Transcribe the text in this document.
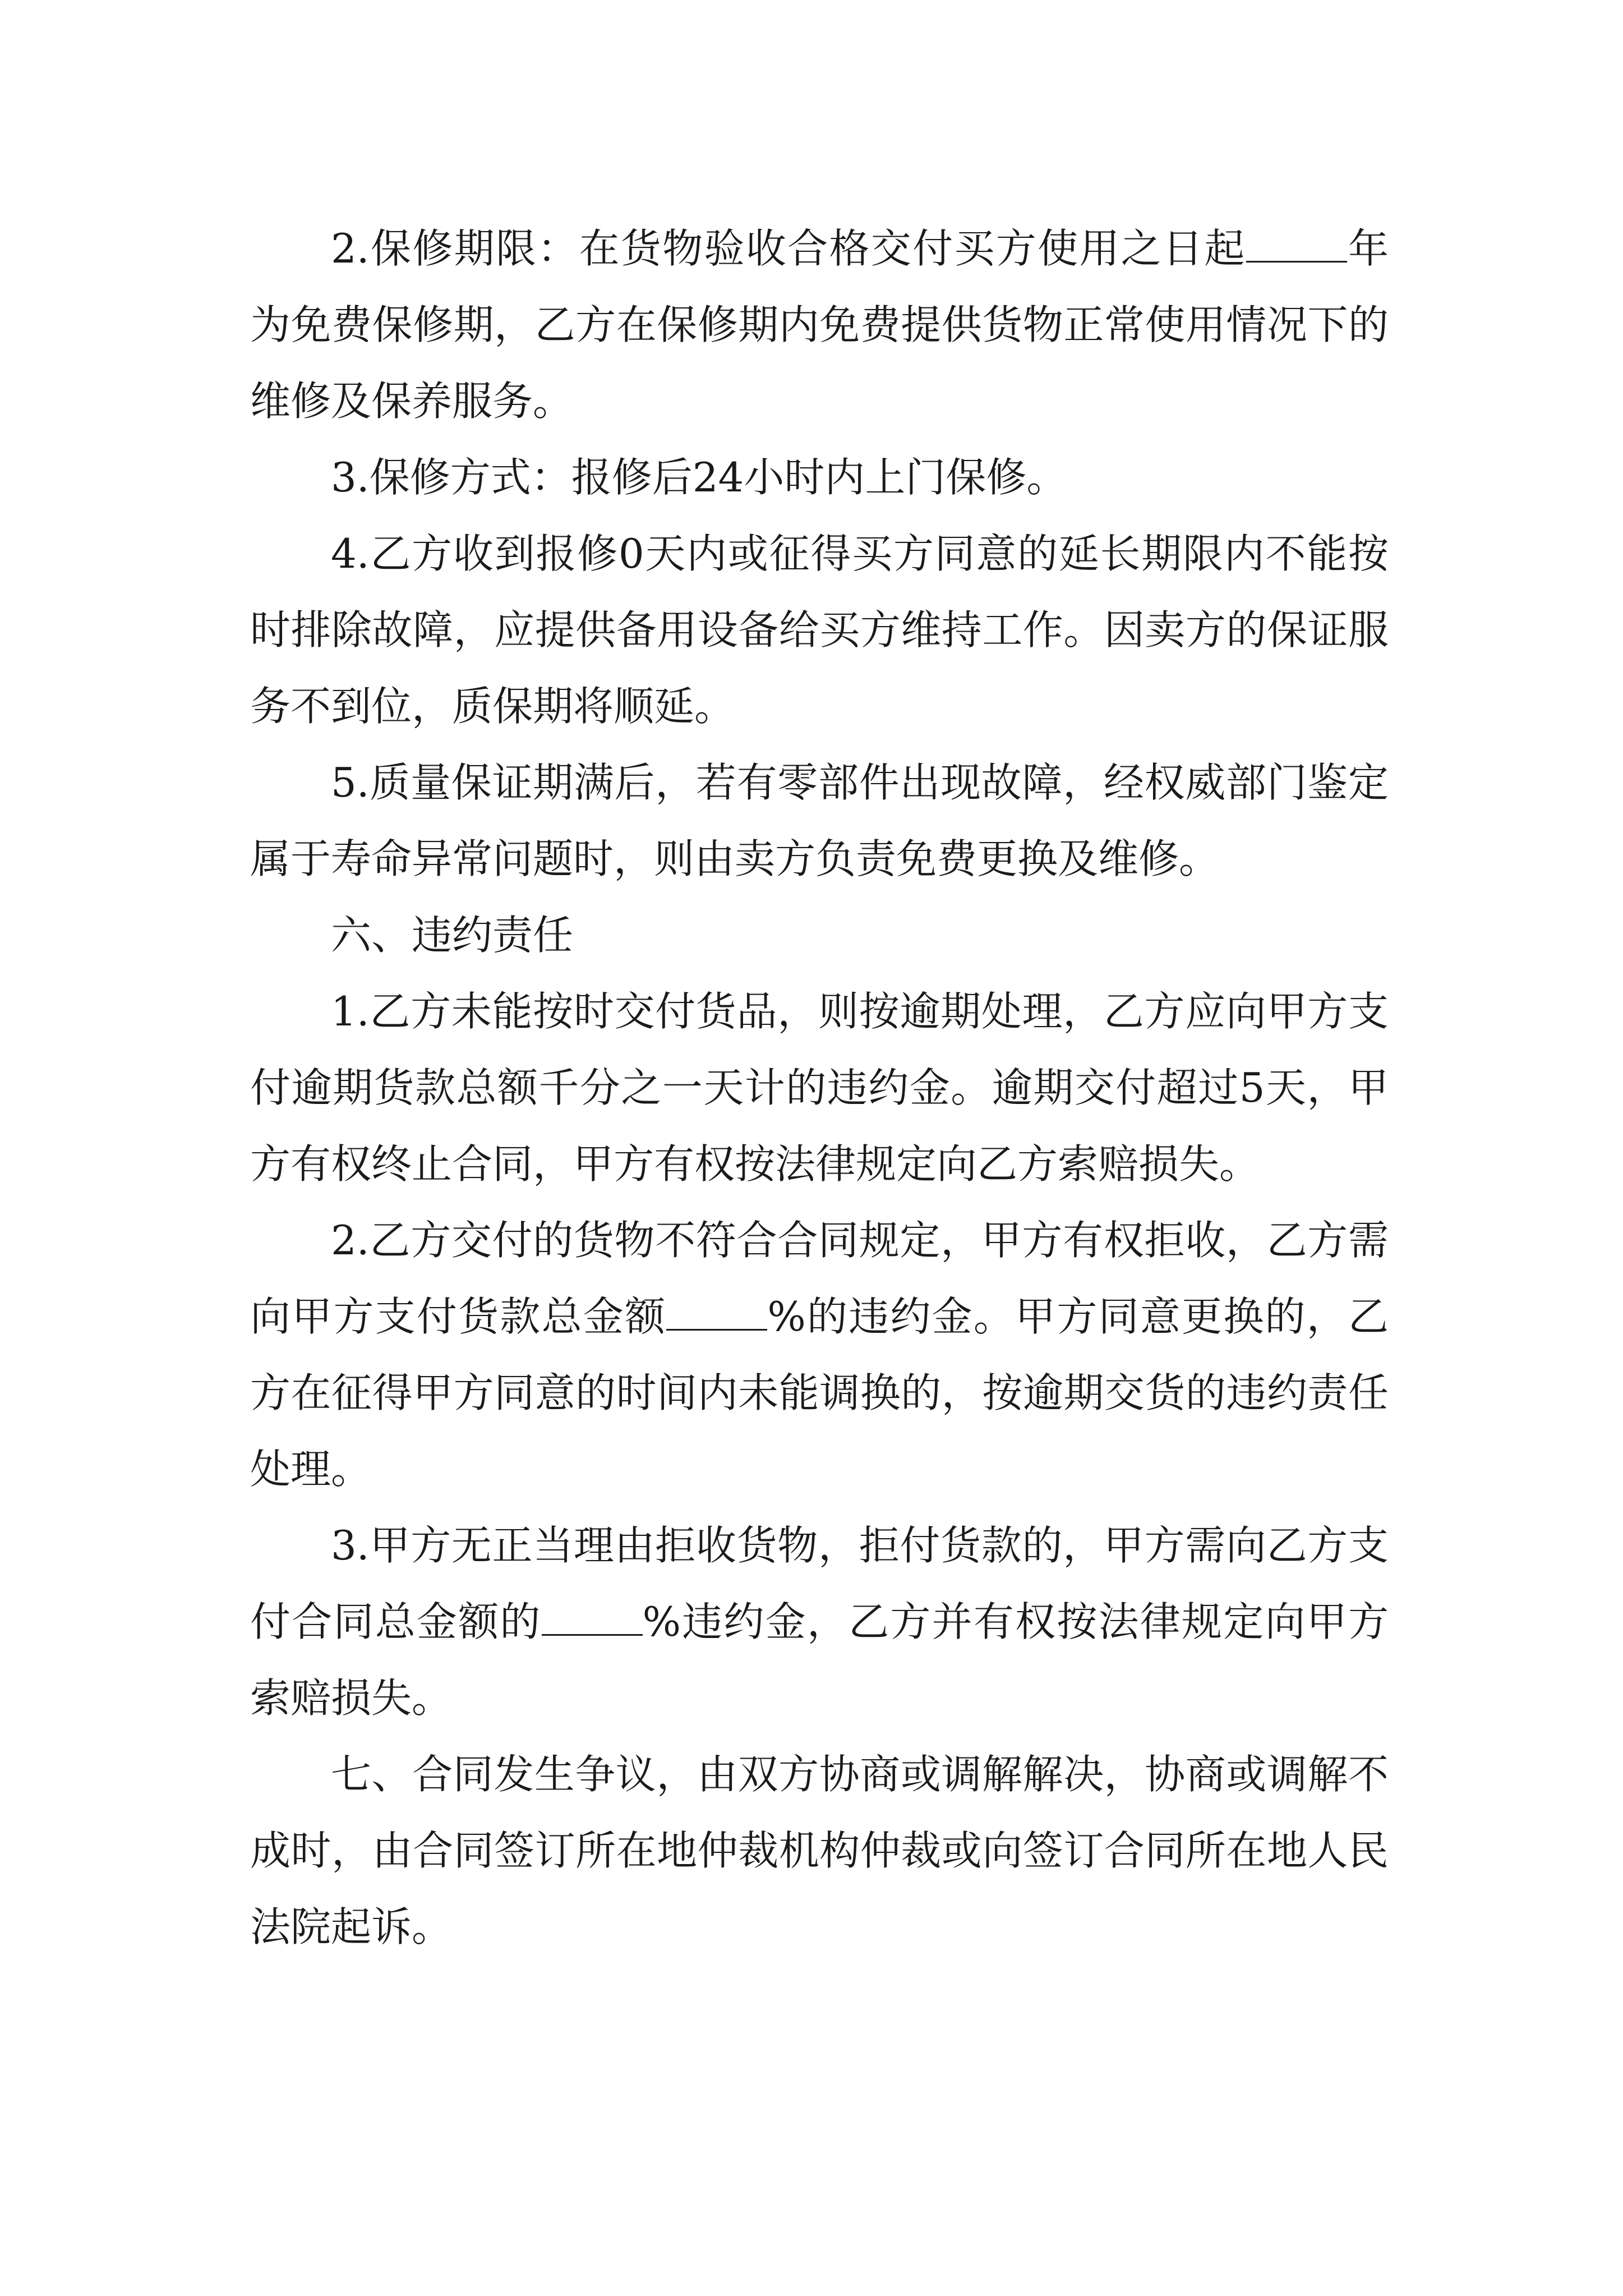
2.保修期限：在货物验收合格交付买方使用之日起	年为免费保修期，乙方在保修期内免费提供货物正常使用情况下的维修及保养服务。

3.保修方式：报修后24小时内上门保修。

4.乙方收到报修0天内或征得买方同意的延长期限内不能按时排除故障，应提供备用设备给买方维持工作。因卖方的保证服务不到位，质保期将顺延。

5.质量保证期满后，若有零部件出现故障，经权威部门鉴定属于寿命异常问题时，则由卖方负责免费更换及维修。

六、违约责任

1.乙方未能按时交付货品，则按逾期处理，乙方应向甲方支付逾期货款总额千分之一天计的违约金。逾期交付超过5天，甲方有权终止合同，甲方有权按法律规定向乙方索赔损失。

2.乙方交付的货物不符合合同规定，甲方有权拒收，乙方需向甲方支付货款总金额	%的违约金。甲方同意更换的，乙方在征得甲方同意的时间内未能调换的，按逾期交货的违约责任处理。

3.甲方无正当理由拒收货物，拒付货款的，甲方需向乙方支付合同总金额的	%违约金，乙方并有权按法律规定向甲方索赔损失。

七、合同发生争议，由双方协商或调解解决，协商或调解不成时，由合同签订所在地仲裁机构仲裁或向签订合同所在地人民法院起诉。
